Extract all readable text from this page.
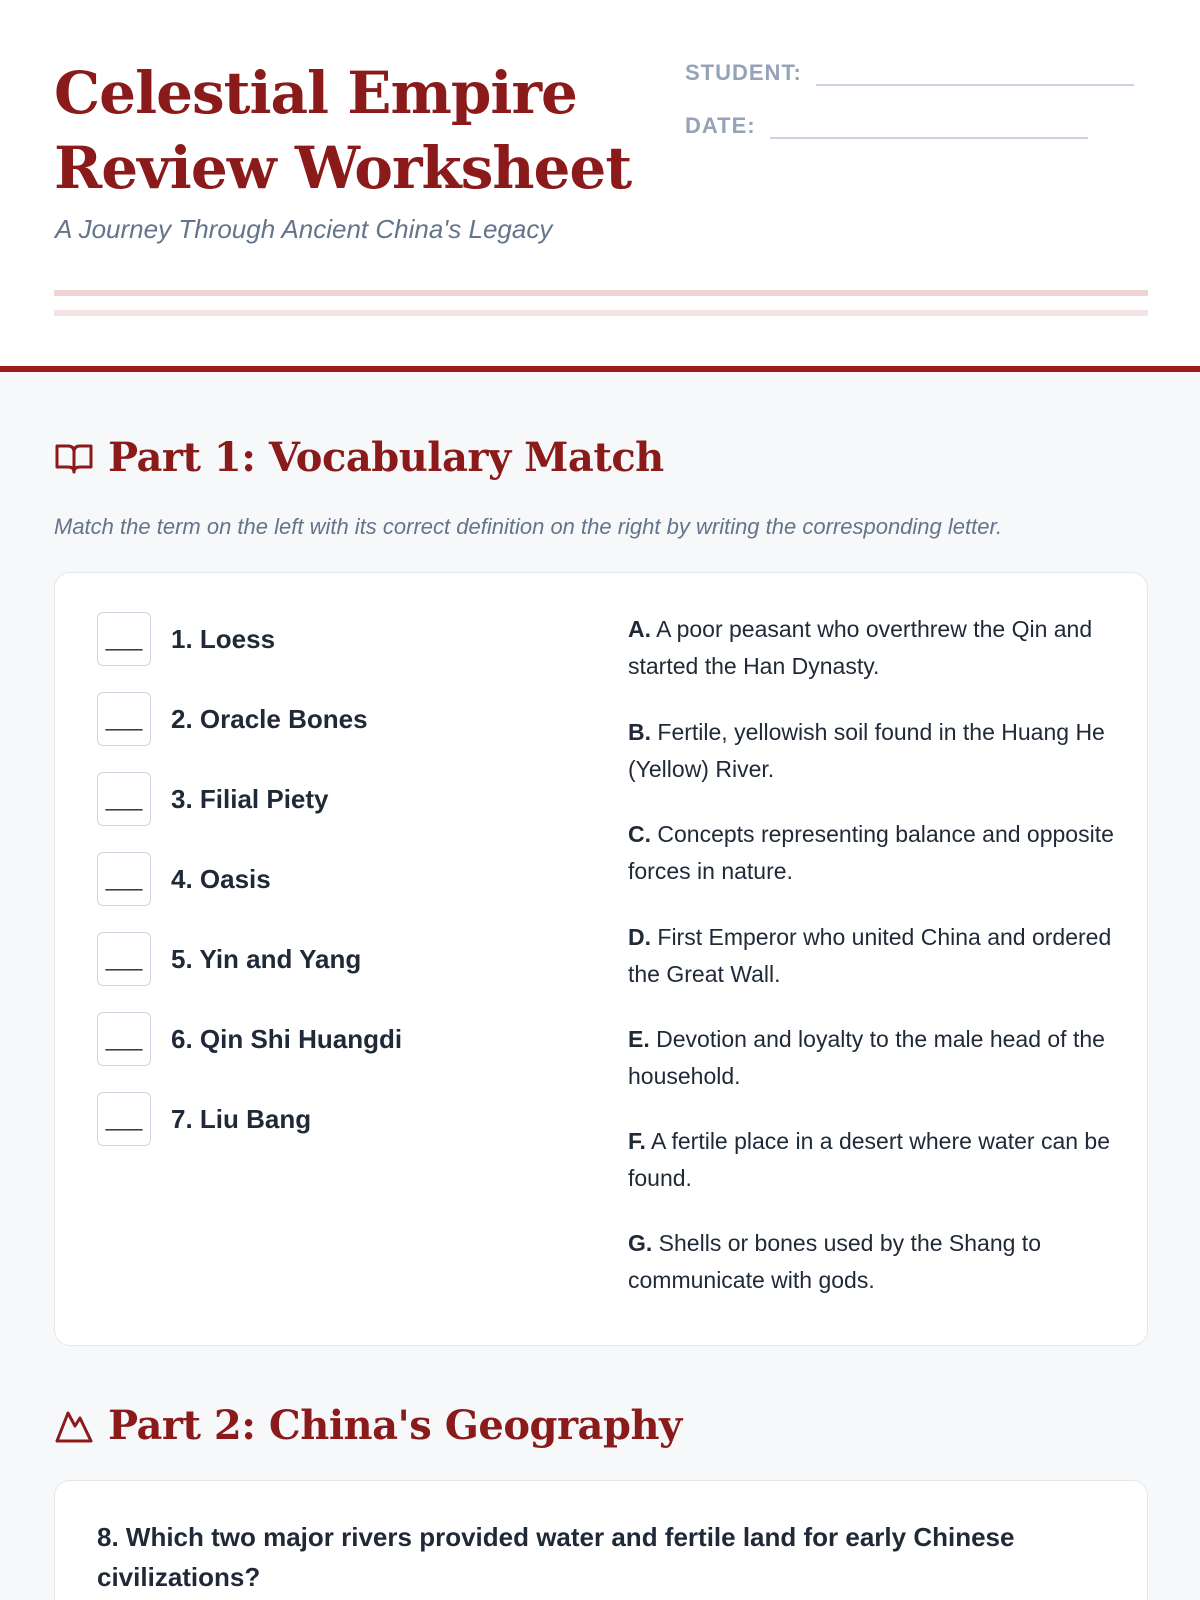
Celestial Empire
Review Worksheet
A Journey Through Ancient China's Legacy
STUDENT:
DATE:
Part 1: Vocabulary Match
Match the term on the left with its correct definition on the right by writing the corresponding letter.
___	1. Loess
___	2. Oracle Bones
___	3. Filial Piety
___	4. Oasis
___	5. Yin and Yang
___	6. Qin Shi Huangdi
___	7. Liu Bang
A. A poor peasant who overthrew the Qin and started the Han Dynasty.
B. Fertile, yellowish soil found in the Huang He (Yellow) River.
C. Concepts representing balance and opposite forces in nature.
D. First Emperor who united China and ordered the Great Wall.
E. Devotion and loyalty to the male head of the household.
F. A fertile place in a desert where water can be found.
G. Shells or bones used by the Shang to communicate with gods.
Part 2: China's Geography
8. Which two major rivers provided water and fertile land for early Chinese civilizations?
